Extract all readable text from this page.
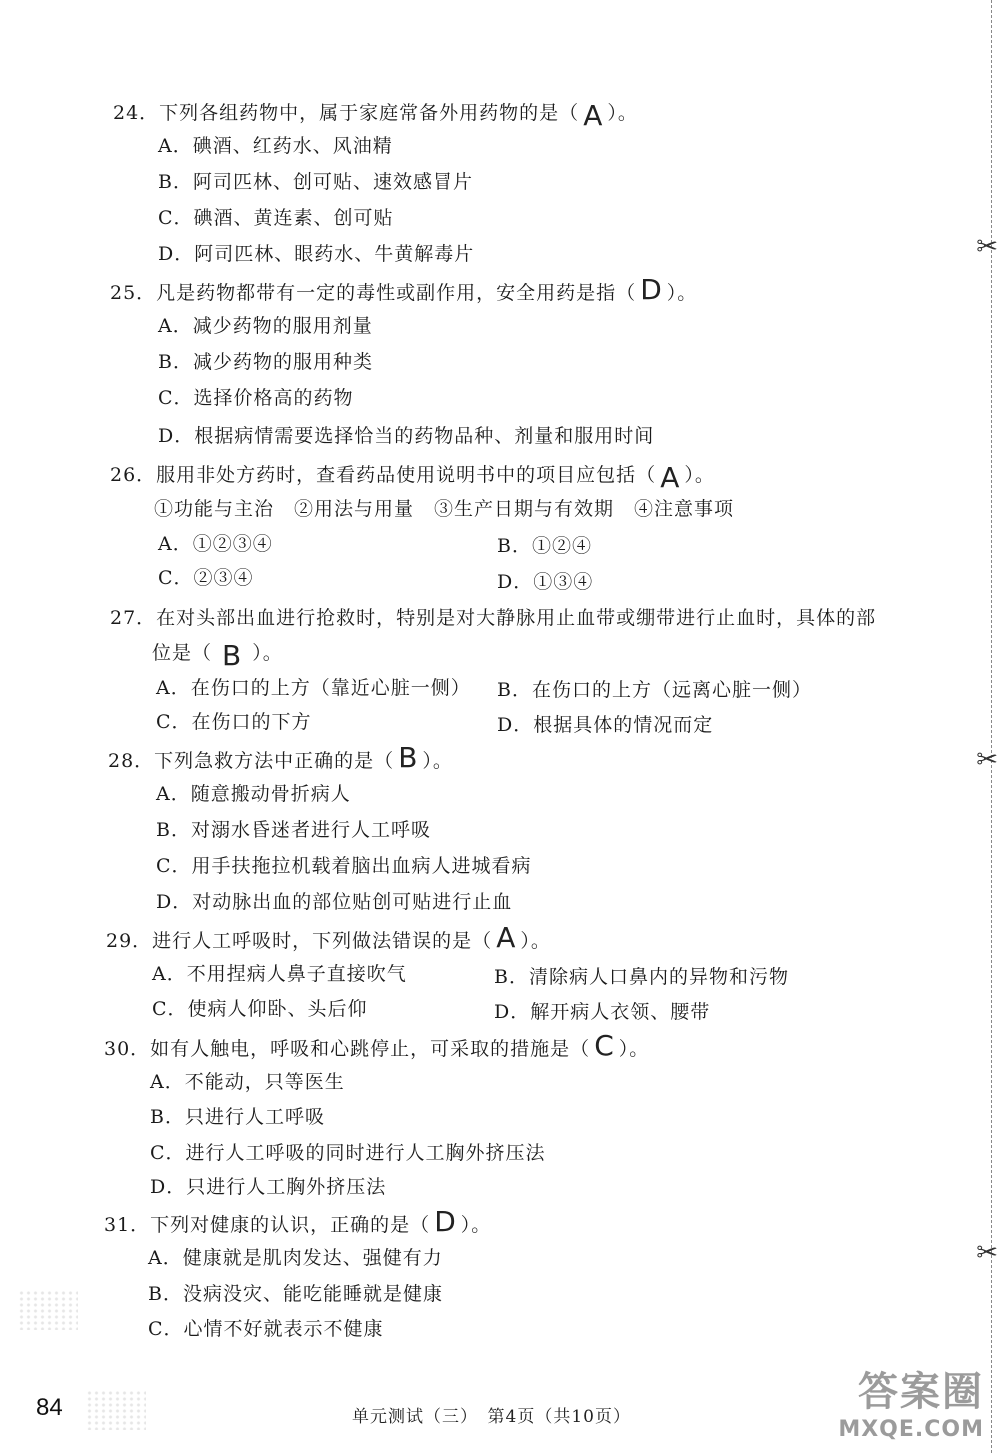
✂
✂
✂
24．下列各组药物中，属于家庭常备外用药物的是（ A ）。
A．碘酒、红药水、风油精
B．阿司匹林、创可贴、速效感冒片
C．碘酒、黄连素、创可贴
D．阿司匹林、眼药水、牛黄解毒片
25．凡是药物都带有一定的毒性或副作用，安全用药是指（ D ）。
A．减少药物的服用剂量
B．减少药物的服用种类
C．选择价格高的药物
D．根据病情需要选择恰当的药物品种、剂量和服用时间
26．服用非处方药时，查看药品使用说明书中的项目应包括（ A ）。
①功能与主治　②用法与用量　③生产日期与有效期　④注意事项
A．①②③④	B．①②④
C．②③④	D．①③④
27．在对头部出血进行抢救时，特别是对大静脉用止血带或绷带进行止血时，具体的部
位是（ B ）。
A．在伤口的上方（靠近心脏一侧） B．在伤口的上方（远离心脏一侧）
C．在伤口的下方	D．根据具体的情况而定
28．下列急救方法中正确的是（ B ）。
A．随意搬动骨折病人
B．对溺水昏迷者进行人工呼吸
C．用手扶拖拉机载着脑出血病人进城看病
D．对动脉出血的部位贴创可贴进行止血
29．进行人工呼吸时，下列做法错误的是（ A ）。
A．不用捏病人鼻子直接吹气	B．清除病人口鼻内的异物和污物
C．使病人仰卧、头后仰	D．解开病人衣领、腰带
30．如有人触电，呼吸和心跳停止，可采取的措施是（ C ）。
A．不能动，只等医生
B．只进行人工呼吸
C．进行人工呼吸的同时进行人工胸外挤压法
D．只进行人工胸外挤压法
31．下列对健康的认识，正确的是（ D ）。
A．健康就是肌肉发达、强健有力
B．没病没灾、能吃能睡就是健康
C．心情不好就表示不健康
84	单元测试（三）　第4页（共10页）
答案圈
MXQE.COM
